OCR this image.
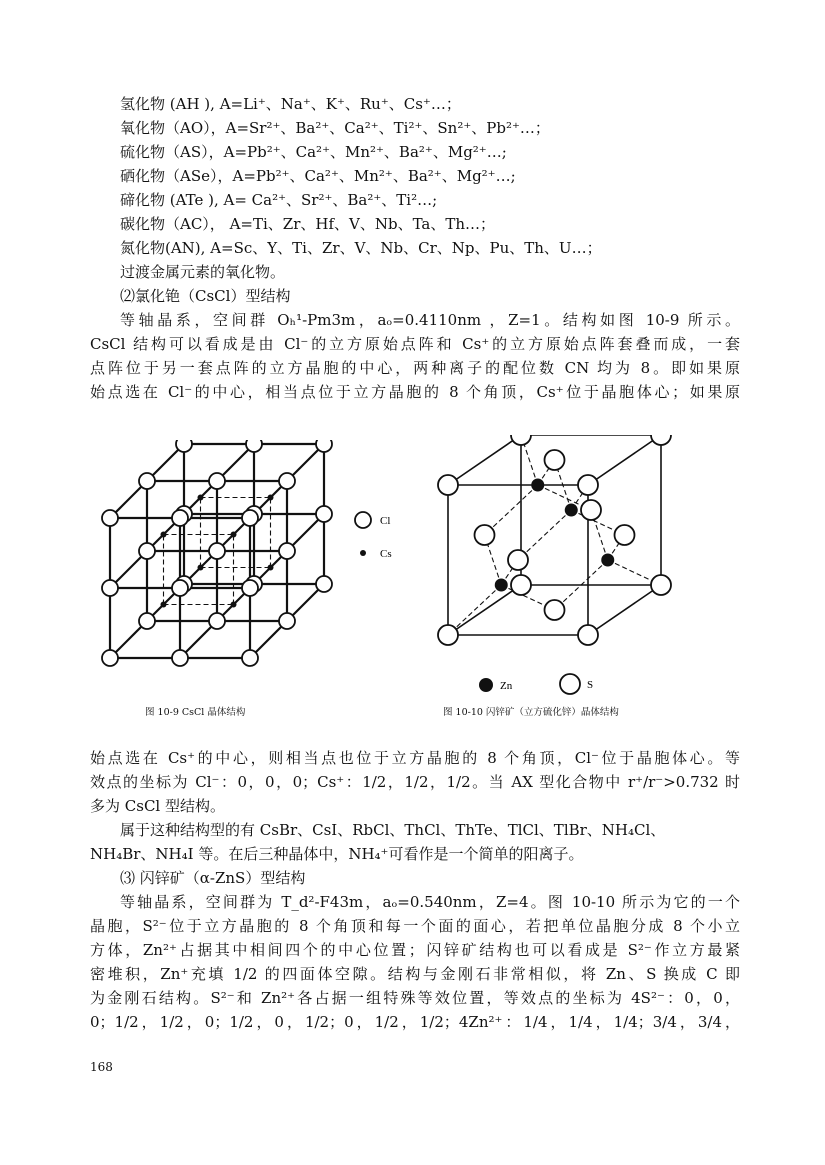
氢化物 (AH ), A=Li⁺、Na⁺、K⁺、Ru⁺、Cs⁺…；
氧化物（AO），A=Sr²⁺、Ba²⁺、Ca²⁺、Ti²⁺、Sn²⁺、Pb²⁺…；
硫化物（AS），A=Pb²⁺、Ca²⁺、Mn²⁺、Ba²⁺、Mg²⁺…;
硒化物（ASe），A=Pb²⁺、Ca²⁺、Mn²⁺、Ba²⁺、Mg²⁺…;
碲化物 (ATe ), A= Ca²⁺、Sr²⁺、Ba²⁺、Ti²…;
碳化物（AC）， A=Ti、Zr、Hf、V、Nb、Ta、Th…；
氮化物(AN), A=Sc、Y、Ti、Zr、V、Nb、Cr、Np、Pu、Th、U…；
过渡金属元素的氧化物。
⑵氯化铯（CsCl）型结构
等轴晶系，空间群 Oₕ¹-Pm3m，aₒ=0.4110nm ，Z=1。结构如图 10-9 所示。
CsCl 结构可以看成是由 Cl⁻的立方原始点阵和 Cs⁺的立方原始点阵套叠而成，一套
点阵位于另一套点阵的立方晶胞的中心，两种离子的配位数 CN 均为 8。即如果原
始点选在 Cl⁻的中心，相当点位于立方晶胞的 8 个角顶，Cs⁺位于晶胞体心；如果原
Cl
Cs
图 10-9 CsCl 晶体结构
Zn	S
图 10-10 闪锌矿（立方硫化锌）晶体结构
始点选在 Cs⁺的中心，则相当点也位于立方晶胞的 8 个角顶，Cl⁻位于晶胞体心。等
效点的坐标为 Cl⁻：0，0，0；Cs⁺：1/2，1/2，1/2。当 AX 型化合物中 r⁺/r⁻>0.732 时
多为 CsCl 型结构。
属于这种结构型的有 CsBr、CsI、RbCl、ThCl、ThTe、TlCl、TlBr、NH₄Cl、
NH₄Br、NH₄I 等。在后三种晶体中，NH₄⁺可看作是一个简单的阳离子。
⑶ 闪锌矿（α-ZnS）型结构
等轴晶系，空间群为 T_d²-F43m，aₒ=0.540nm，Z=4。图 10-10 所示为它的一个
晶胞，S²⁻位于立方晶胞的 8 个角顶和每一个面的面心，若把单位晶胞分成 8 个小立
方体，Zn²⁺占据其中相间四个的中心位置；闪锌矿结构也可以看成是 S²⁻作立方最紧
密堆积，Zn⁺充填 1/2 的四面体空隙。结构与金刚石非常相似，将 Zn、S 换成 C 即
为金刚石结构。S²⁻和 Zn²⁺各占据一组特殊等效位置，等效点的坐标为 4S²⁻：0，0，
0；1/2，1/2，0；1/2，0，1/2；0，1/2，1/2；4Zn²⁺：1/4，1/4，1/4；3/4，3/4，
168
